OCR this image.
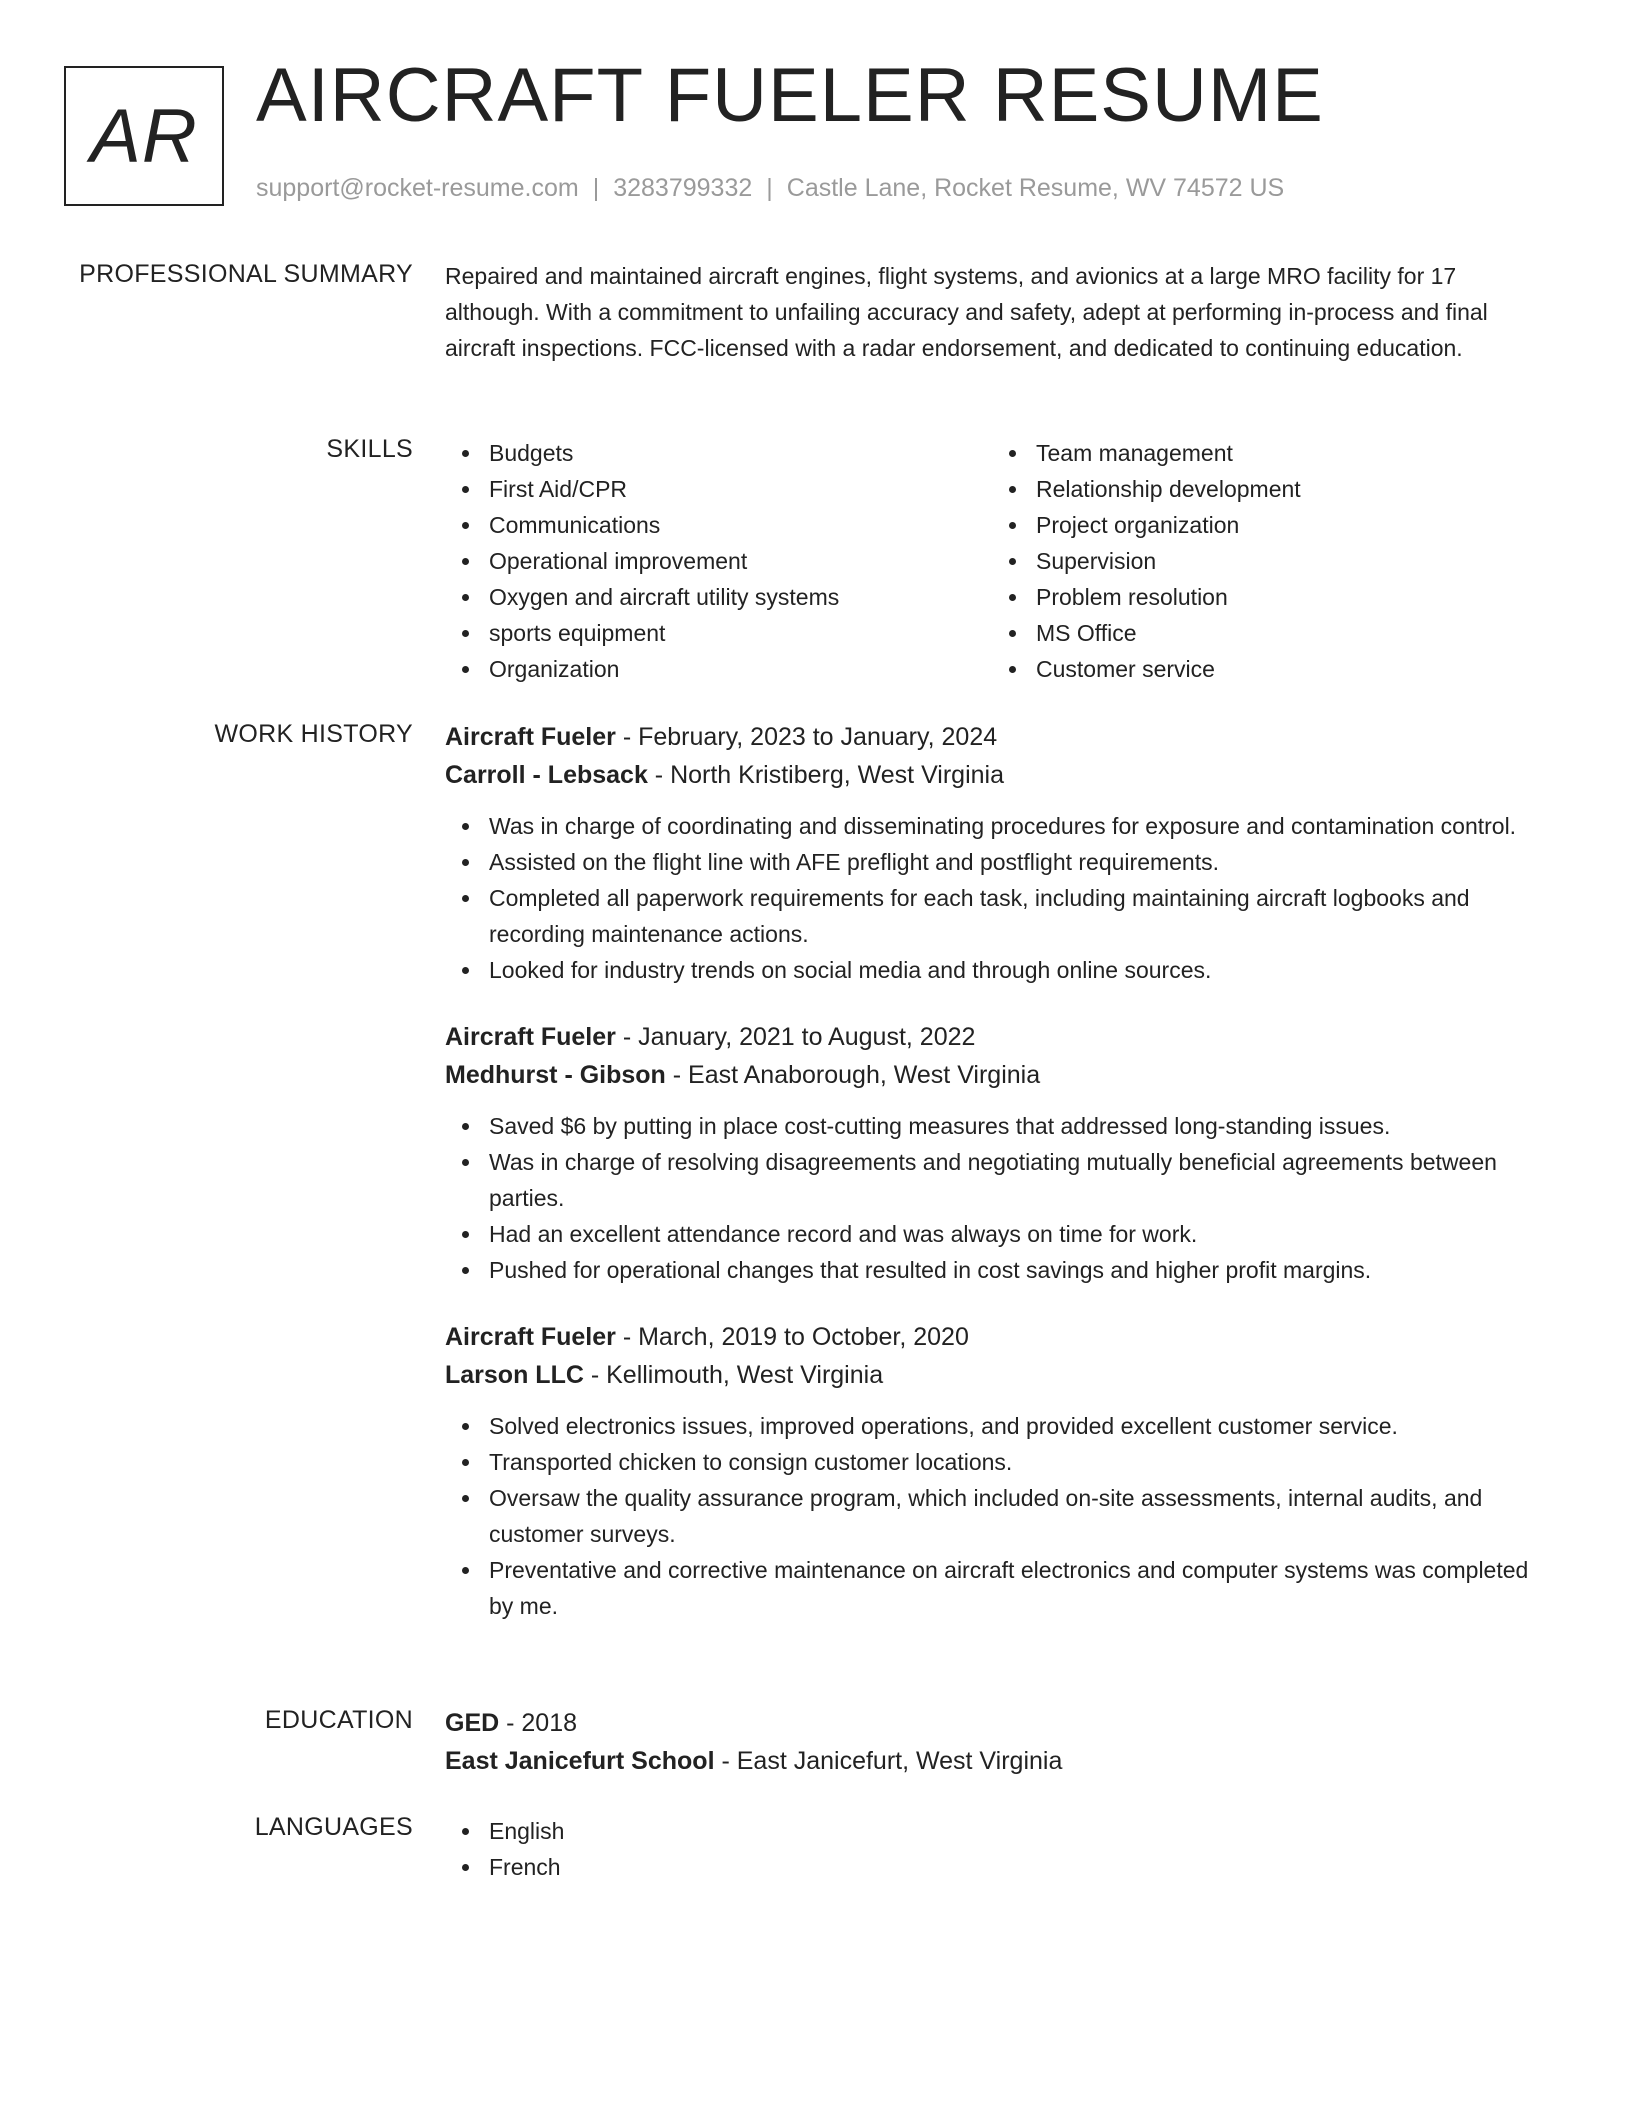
AR AIRCRAFT FUELER RESUME
support@rocket-resume.com | 3283799332 | Castle Lane, Rocket Resume, WV 74572 US
PROFESSIONAL SUMMARY Repaired and maintained aircraft engines, flight systems, and avionics at a large MRO facility for 17 although. With a commitment to unfailing accuracy and safety, adept at performing in-process and final aircraft inspections. FCC-licensed with a radar endorsement, and dedicated to continuing education.

SKILLS	Budgets
First Aid/CPR
Communications
Operational improvement
Oxygen and aircraft utility systems
sports equipment
Organization
Team management
Relationship development
Project organization
Supervision
Problem resolution
MS Office
Customer service
WORK HISTORY Aircraft Fueler - February, 2023 to January, 2024
Carroll - Lebsack - North Kristiberg, West Virginia
Was in charge of coordinating and disseminating procedures for exposure and contamination control.
Assisted on the flight line with AFE preflight and postflight requirements.
Completed all paperwork requirements for each task, including maintaining aircraft logbooks and recording maintenance actions.
Looked for industry trends on social media and through online sources.
Aircraft Fueler - January, 2021 to August, 2022
Medhurst - Gibson - East Anaborough, West Virginia
Saved $6 by putting in place cost-cutting measures that addressed long-standing issues.
Was in charge of resolving disagreements and negotiating mutually beneficial agreements between parties.
Had an excellent attendance record and was always on time for work.
Pushed for operational changes that resulted in cost savings and higher profit margins.
Aircraft Fueler - March, 2019 to October, 2020
Larson LLC - Kellimouth, West Virginia
Solved electronics issues, improved operations, and provided excellent customer service.
Transported chicken to consign customer locations.
Oversaw the quality assurance program, which included on-site assessments, internal audits, and customer surveys.
Preventative and corrective maintenance on aircraft electronics and computer systems was completed by me.
EDUCATION GED - 2018
East Janicefurt School - East Janicefurt, West Virginia
LANGUAGES	English
French
